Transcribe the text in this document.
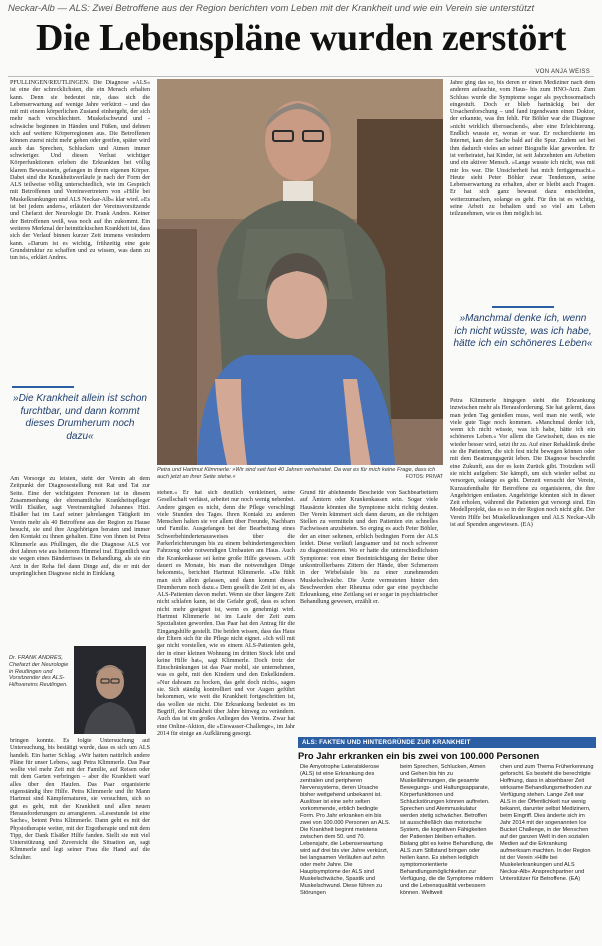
Neckar-Alb — ALS: Zwei Betroffene aus der Region berichten vom Leben mit der Krankheit und wie ein Verein sie unterstützt
Die Lebenspläne wurden zerstört
VON ANJA WEISS
PFULLINGEN/REUTLINGEN. Die Diagnose »ALS« ist eine der schrecklichsten, die ein Mensch erhalten kann. Denn sie bedeutet nie, dass sich die Lebenserwartung auf wenige Jahre verkürzt – und das mit mit einem körperlichen Zustand einhergeht, der sich mehr nach verschlechtert. Muskelschwund und -schwäche beginnen in Händen und Füßen, und dehnen sich auf weitere Körperregionen aus. Die Betroffenen können zuerst nicht mehr gehen oder greifen, später wird auch das Sprechen, Schlucken und Atmen immer schwieriger. Und diesen Verlust wichtiger Körperfunktionen erleben die Erkrankten bei völlig klarem Bewusstsein, gefangen in ihrem eigenen Körper. Dabei sind die Krankheitsverläufe je nach der Form der ALS teilweise völlig unterschiedlich, wie im Gespräch mit Betroffenen und Vereinsvertretern von »Hilfe bei Muskelkrankungen und ALS Neckar-Alb« klar wird. »Es ist bei jedem anders«, erläutert der Vereinsvorsitzende und Chefarzt der Neurologie Dr. Frank Andres. Keiner der Betroffenen weiß, was noch auf ihn zukommt. Ein weiteres Merkmal der heimtückischen Krankheit ist, dass sich der Verlauf binnen kurzer Zeit immens verändern kann. »Darum ist es wichtig, frühzeitig eine gute Grundstruktur zu schaffen und zu wissen, was dann zu tun ist«, erklärt Andres.
»Die Krankheit allein ist schon furchtbar, und dann kommt dieses Drumherum noch dazu«
Am Vorsorge zu leisten, steht der Verein ab dem Zeitpunkt der Diagnosestellung mit Rat und Tat zur Seite. Eine der wichtigsten Personen ist in diesem Zusammenhang der ehrenamtliche Krankheitspfleger Willi Elsäßer, sagt Vereinsmitglied Johannes Hizi. Elsäßer hat im Lauf seiner jahrelangen Tätigkeit im Verein mehr als 40 Betroffene aus der Region zu Hause besucht, sie und ihre Angehörigen beraten und immer den Kontakt zu ihnen gehalten. Eine von ihnen ist Petra Klimmerle aus Pfullingen, die die Diagnose ALS vor drei Jahren wie aus heiterem Himmel traf. Eigentlich war sie wegen eines Bänderrisses in Behandlung, als sie ein Arzt in der Reha fiel dann Dinge auf, die er mit der ursprünglichen Diagnose nicht in Einklang
Dr. FRANK ANDRES, Chefarzt der Neurologie in Reutlingen und Vorsitzender des ALS-Hilfsvereins Reutlingen.
bringen konnte. Es folgte Untersuchung auf Untersuchung, bis bestätigt wurde, dass es sich um ALS handelt. Ein harter Schlag. »Wir hatten natürlich andere Pläne für unser Leben«, sagt Petra Klimmerle. Das Paar wollte viel mehr Zeit mit der Familie, auf Reisen oder mit dem Garten verbringen – aber die Krankheit warf alles über den Haufen. Das Paar organisierte eigenständig ihre Hilfe. Petra Klimmerle und ihr Mann Hartmut sind Kämpfernaturen, sie versuchten, sich so gut es geht, mit der Krankheit und allen neuen Herausforderungen zu arrangieren. »Lesestunde ist eine Sache«, betont Petra Klimmerle. Dann geht es mit der Physiotherapie weiter, mit der Ergotherapie und mit dem Tipp, der Dank Elsäßer Hilfe fanden. Stellt sie mit viel Unterstützung und Zuversicht die Situation an, sagt Klimmerle und legt seiner Frau die Hand auf die Schulter.
Petra und Hartmut Klimmerle: »Wir sind seit fast 40 Jahren verheiratet. Da war es für mich keine Frage, dass ich auch jetzt an ihrer Seite stehe.«	FOTOS: PRIVAT
stehen.« Er hat sich deutlich verkleinert, seine Gesellschaft verlässt, arbeitet nur noch wenig nebenbei. Andere gingen es nicht, denn die Pflege verschlingt viele Stunden des Tages. Ihren Kontakt zu anderen Menschen halten sie vor allem über Freunde, Nachbarn und Familie. Ausgefangen bei der Bearbeitung eines Schwerbehindertenausweises über die Parkerleichterungen bis zu einem behindertengerechten Fahrzeug oder notwendigen Umbauten am Haus. Auch die Krankenkasse sei keine große Hilfe gewesen. »Oft dauert es Monate, bis man die notwendigen Dinge bekommt«, berichtet Hartmut Klimmerle. »Da fühlt man sich allein gelassen, und dann kommt dieses Drumherum noch dazu.« Dem gesellt die Zeit ist es, als ALS-Patienten davon mehrt. Wenn sie über längere Zeit nicht schlafen kann, ist die Gefahr groß, dass es schon nicht mehr geeignet ist, wenn es genehmigt wird. Hartmut Klimmerle ist im Laufe der Zeit zum Spezialisten geworden. Das Paar hat den Antrag für die Eingangshilfe gestellt. Die beiden wissen, dass das Haus der Eltern sich für die Pflege nicht eignet. »Ich will mit gar nicht vorstellen, wie es einem ALS-Patienten geht, der in einer kleinen Wohnung im dritten Stock lebt und keine Hilfe hat«, sagt Klimmerle. Doch trotz der Einschränkungen ist das Paar mobil, sie unternehmen, was es geht, mit den Kindern und den Enkelkindern. »Nur dahoam zu hocken, das geht doch nicht«, sagen sie. Sich ständig kontrolliert und vor Augen geführt bekommen, wie weit die Krankheit fortgeschritten ist, das wollen sie nicht. Die Erkrankung bedeutet es im Begriff, der Krankheit über Jahre hinweg zu verändern. Auch das ist ein großes Anliegen des Vereins. Zwar hat eine Online-Aktion, die »Eiswasser-Challenge«, im Jahr 2014 für einige an Aufklärung gesorgt.
Grund für ablehnende Bescheide von Sachbearbeitern auf Ämtern oder Krankenkassen sein. Sogar viele Hausärzte könnten die Symptome nicht richtig deuten. Der Verein kümmert sich dann darum, an die richtigen Stellen zu vermitteln und den Patienten ein schnelles Fachwissen anzubieten. So erging es auch Peter Böhler, der an einer seltenen, erblich bedingten Form der ALS leidet. Diese verläuft langsamer und ist noch schwerer zu diagnostizieren. Wo er hatte die unterschiedlichsten Symptome: von einer Beeinträchtigung der Beine über unkontrollierbares Zittern der Hände, über Schmerzen in der Wirbelsäule bis zu einer zunehmenden Muskelschwäche. Die Ärzte vermuteten hinter den Beschwerden eher Rheuma oder gar eine psychische Erkrankung, eine Zeitlang sei er sogar in psychiatrischer Behandlung gewesen, erzählt er.
Jahre ging das so, bis deren er einen Mediziner nach dem anderen aufsuchte, vom Haus- bis zum HNO-Arzt. Zum Schluss wurde die Symptome sogar als psychosomatisch eingestuft. Doch er blieb hartnäckig bei der Ursachenforschung – und fand irgendwann einen Doktor, der erkannte, was ihn fehlt. Für Böhler war die Diagnose »nicht wirklich überraschend«, aber eine Erleichterung. Endlich wusste er, woran er war. Er recherchierte im Internet, kam der Sache bald auf die Spur. Zudem sei bei ihm dadurch vieles an seiner Biografie klar geworden. Er ist verheiratet, hat Kinder, ist seit Jahrzehnten am Arbeiten und ein aktiver Mensch. »Lange wusste ich nicht, was mit mir los war. Die Unsicherheit hat mich fertiggemacht.« Heute sieht Peter Böhler zwar Tendenzen, seine Lebenserwartung zu erhalten, aber er bleibt auch Fragen. Er hat sich ganz bewusst dazu entschieden, weiterzumachen, solange es geht. Für ihn ist es wichtig, seine Arbeit zu behalten und so viel am Leben teilzunehmen, wie es ihm möglich ist.
»Manchmal denke ich, wenn ich nicht wüsste, was ich habe, hätte ich ein schöneres Leben«
Petra Klimmerle hingegen sieht die Erkrankung inzwischen mehr als Herausforderung. Sie hat gelernt, dass man jeden Tag genießen muss, weil man nie weiß, wie viele gute Tage noch kommen. »Manchmal denke ich, wenn ich nicht wüsste, was ich habe, hätte ich ein schöneres Leben.« Vor allem die Gewissheit, dass es nie wieder besser wird, setzt ihr zu. Auf einer Rehaklinik drehe sie die Patienten, die sich fest nicht bewegen können oder mit dem Beatmungsgerät leben. Die Diagnose beschreibt eine Zukunft, aus der es kein Zurück gibt. Trotzdem will sie nicht aufgeben: Sie kämpft, um sich wieder selbst zu versorgen, solange es geht. Derzeit versucht der Verein, Kurzaufenthalte für Betroffene zu organisieren, die ihre Angehörigen entlasten. Angehörige könnten sich in dieser Zeit erholen, während die Patienten gut versorgt sind. Ein Modellprojekt, das es so in der Region noch nicht gibt. Der Verein Hilfe bei Muskelkrankungen und ALS Neckar-Alb ist auf Spenden angewiesen. (EA)
ALS: FAKTEN UND HINTERGRÜNDE ZUR KRANKHEIT
Pro Jahr erkranken ein bis zwei von 100.000 Personen
Die Amyotrophe Lateralsklerose (ALS) ist eine Erkrankung des zentralen und peripheren Nervensystems, deren Ursache bisher weitgehend unbekannt ist. Auslöser ist eine sehr selten vorkommende, erblich bedingte Form. Pro Jahr erkranken ein bis zwei von 100.000 Personen an ALS. Die Krankheit beginnt meistens zwischen dem 50. und 70. Lebensjahr, die Lebenserwartung wird auf drei bis vier Jahre verkürzt, bei langsamen Verläufen auf zehn oder mehr Jahre. Die Hauptsymptome der ALS sind Muskelschwäche, Spastik und Muskelschwund. Diese führen zu Störungen
beim Sprechen, Schlucken, Atmen und Gehen bis hin zu Muskellähmungen, die gesamte Bewegungs- und Haltungsapparate, Körperfunktionen und Schluckstörungen können auftreten. Sprechen und Atemmuskulatur werden stetig schwächer. Betroffen ist ausschließlich das motorische System, die kognitiven Fähigkeiten der Patienten bleiben erhalten. Bislang gibt es keine Behandlung, die ALS zum Stillstand bringen oder heilen kann. Es stehen lediglich symptomorientierte Behandlungsmöglichkeiten zur Verfügung, die die Symptome mildern und die Lebensqualität verbessern können. Weltweit
chen und zum Thema Früherkennung geforscht. Es besteht die berechtigte Hoffnung, dass in absehbarer Zeit wirksame Behandlungsmethoden zur Verfügung stehen. Lange Zeit war ALS in der Öffentlichkeit nur wenig bekannt, darunter selbst Medizinern, beim Eingriff. Dies änderte sich im Jahr 2014 mit der sogenannten Ice Bucket Challenge, in der Menschen auf der ganzen Welt in den sozialen Medien auf die Erkrankung aufmerksam machten. In der Region ist der Verein »Hilfe bei Muskelerkrankungen und ALS Neckar-Alb« Ansprechpartner und Unterstützer für Betroffene. (EA)
